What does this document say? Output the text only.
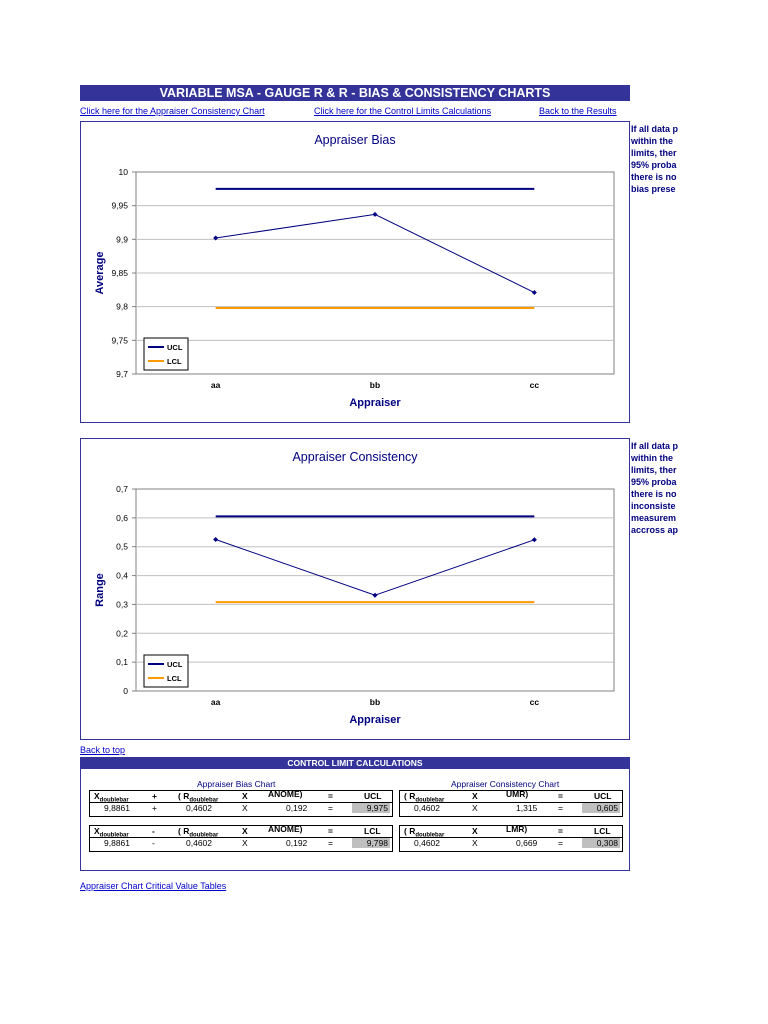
VARIABLE MSA - GAUGE R & R - BIAS & CONSISTENCY CHARTS
Click here for the Appraiser Consistency Chart	Click here for the Control Limits Calculations	Back to the Results
Appraiser Bias
9,7
9,75
9,8
9,85
9,9
9,95
10
aa	bb	cc
Appraiser
Average
UCL
LCL
If all data p
within the
limits, ther
95% proba
there is no
bias prese
Appraiser Consistency
0
0,1
0,2
0,3
0,4
0,5
0,6
0,7
aa	bb	cc
Appraiser
Range
UCL
LCL
If all data p
within the
limits, ther
95% proba
there is no
inconsiste
measurem
accross ap
Back to top
CONTROL LIMIT CALCULATIONS
Appraiser Bias Chart	Appraiser Consistency Chart
$X_{doublebar}$	+ ( $R_{doublebar}$	X ANOME)	=	UCL
9,8861	+	0,4602	X	0,192 =	9,975
$X_{doublebar}$	-	( $R_{doublebar}$	X ANOME)	=	LCL
9,8861	-	0,4602	X	0,192 =	9,798
( $R_{doublebar}$	X	UMR)	=	UCL
0,4602	X	1,315 =	0,605
( $R_{doublebar}$	X	LMR)	=	LCL
0,4602	X	0,669 =	0,308
Appraiser Chart Critical Value Tables
